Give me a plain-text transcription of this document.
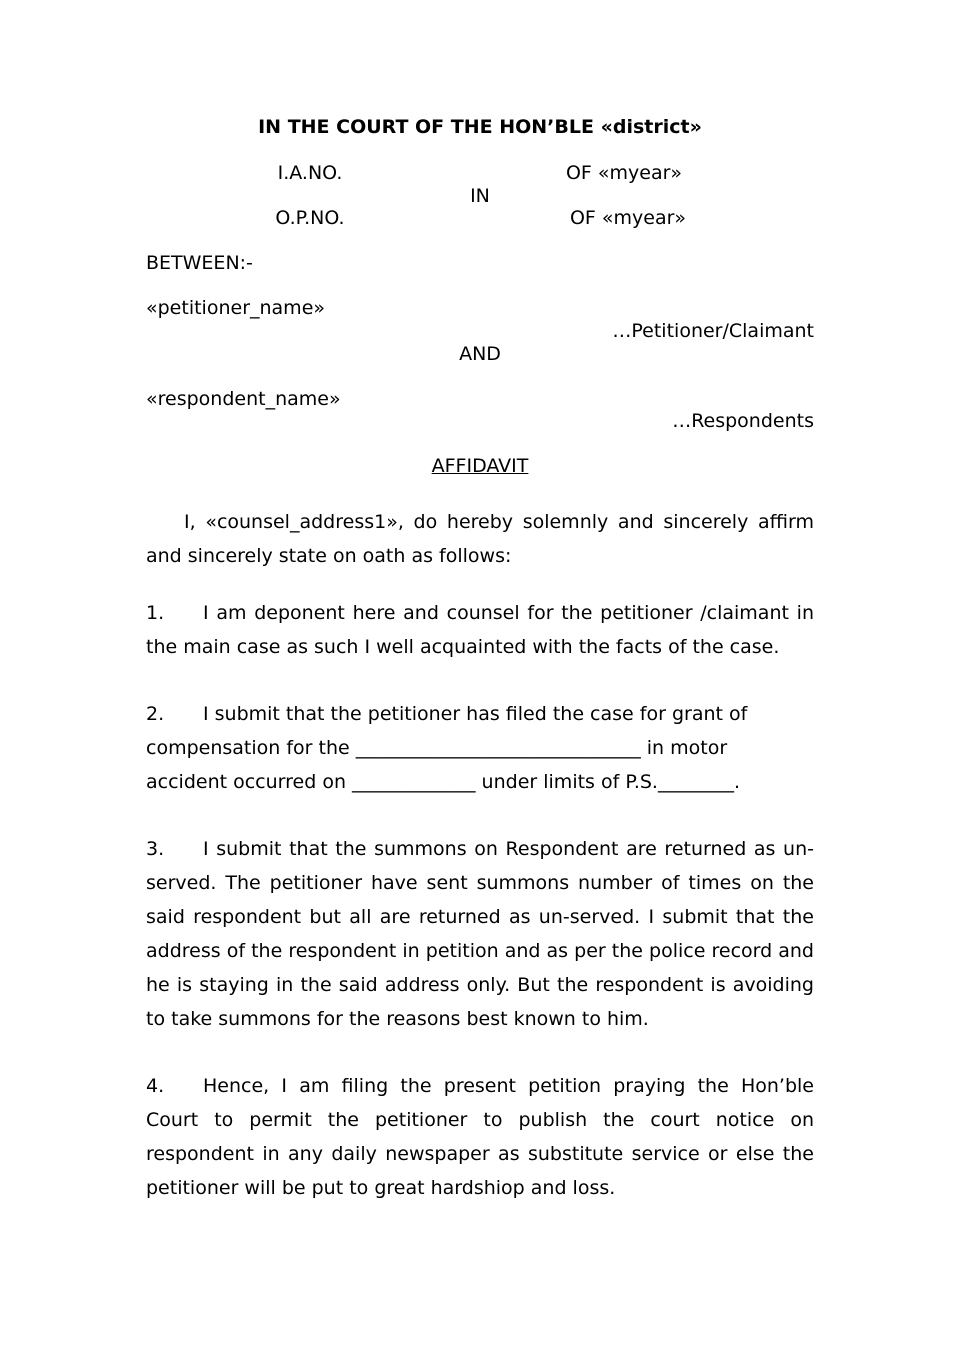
IN THE COURT OF THE HON’BLE «district»
I.A.NO.	OF «myear»
IN
O.P.NO.	OF «myear»
BETWEEN:-
«petitioner_name»
…Petitioner/Claimant
AND
«respondent_name»
…Respondents
AFFIDAVIT
I, «counsel_address1», do hereby solemnly and sincerely affirm and sincerely state on oath as follows:
1. I am deponent here and counsel for the petitioner /claimant in the main case as such I well acquainted with the facts of the case.
2. I submit that the petitioner has filed the case for grant of
compensation for the ______________________________ in motor
accident occurred on _____________ under limits of P.S.________.
3. I submit that the summons on Respondent are returned as un-served. The petitioner have sent summons number of times on the said respondent but all are returned as un-served. I submit that the address of the respondent in petition and as per the police record and he is staying in the said address only. But the respondent is avoiding to take summons for the reasons best known to him.
4. Hence, I am filing the present petition praying the Hon’ble Court to permit the petitioner to publish the court notice on respondent in any daily newspaper as substitute service or else the petitioner will be put to great hardshiop and loss.
